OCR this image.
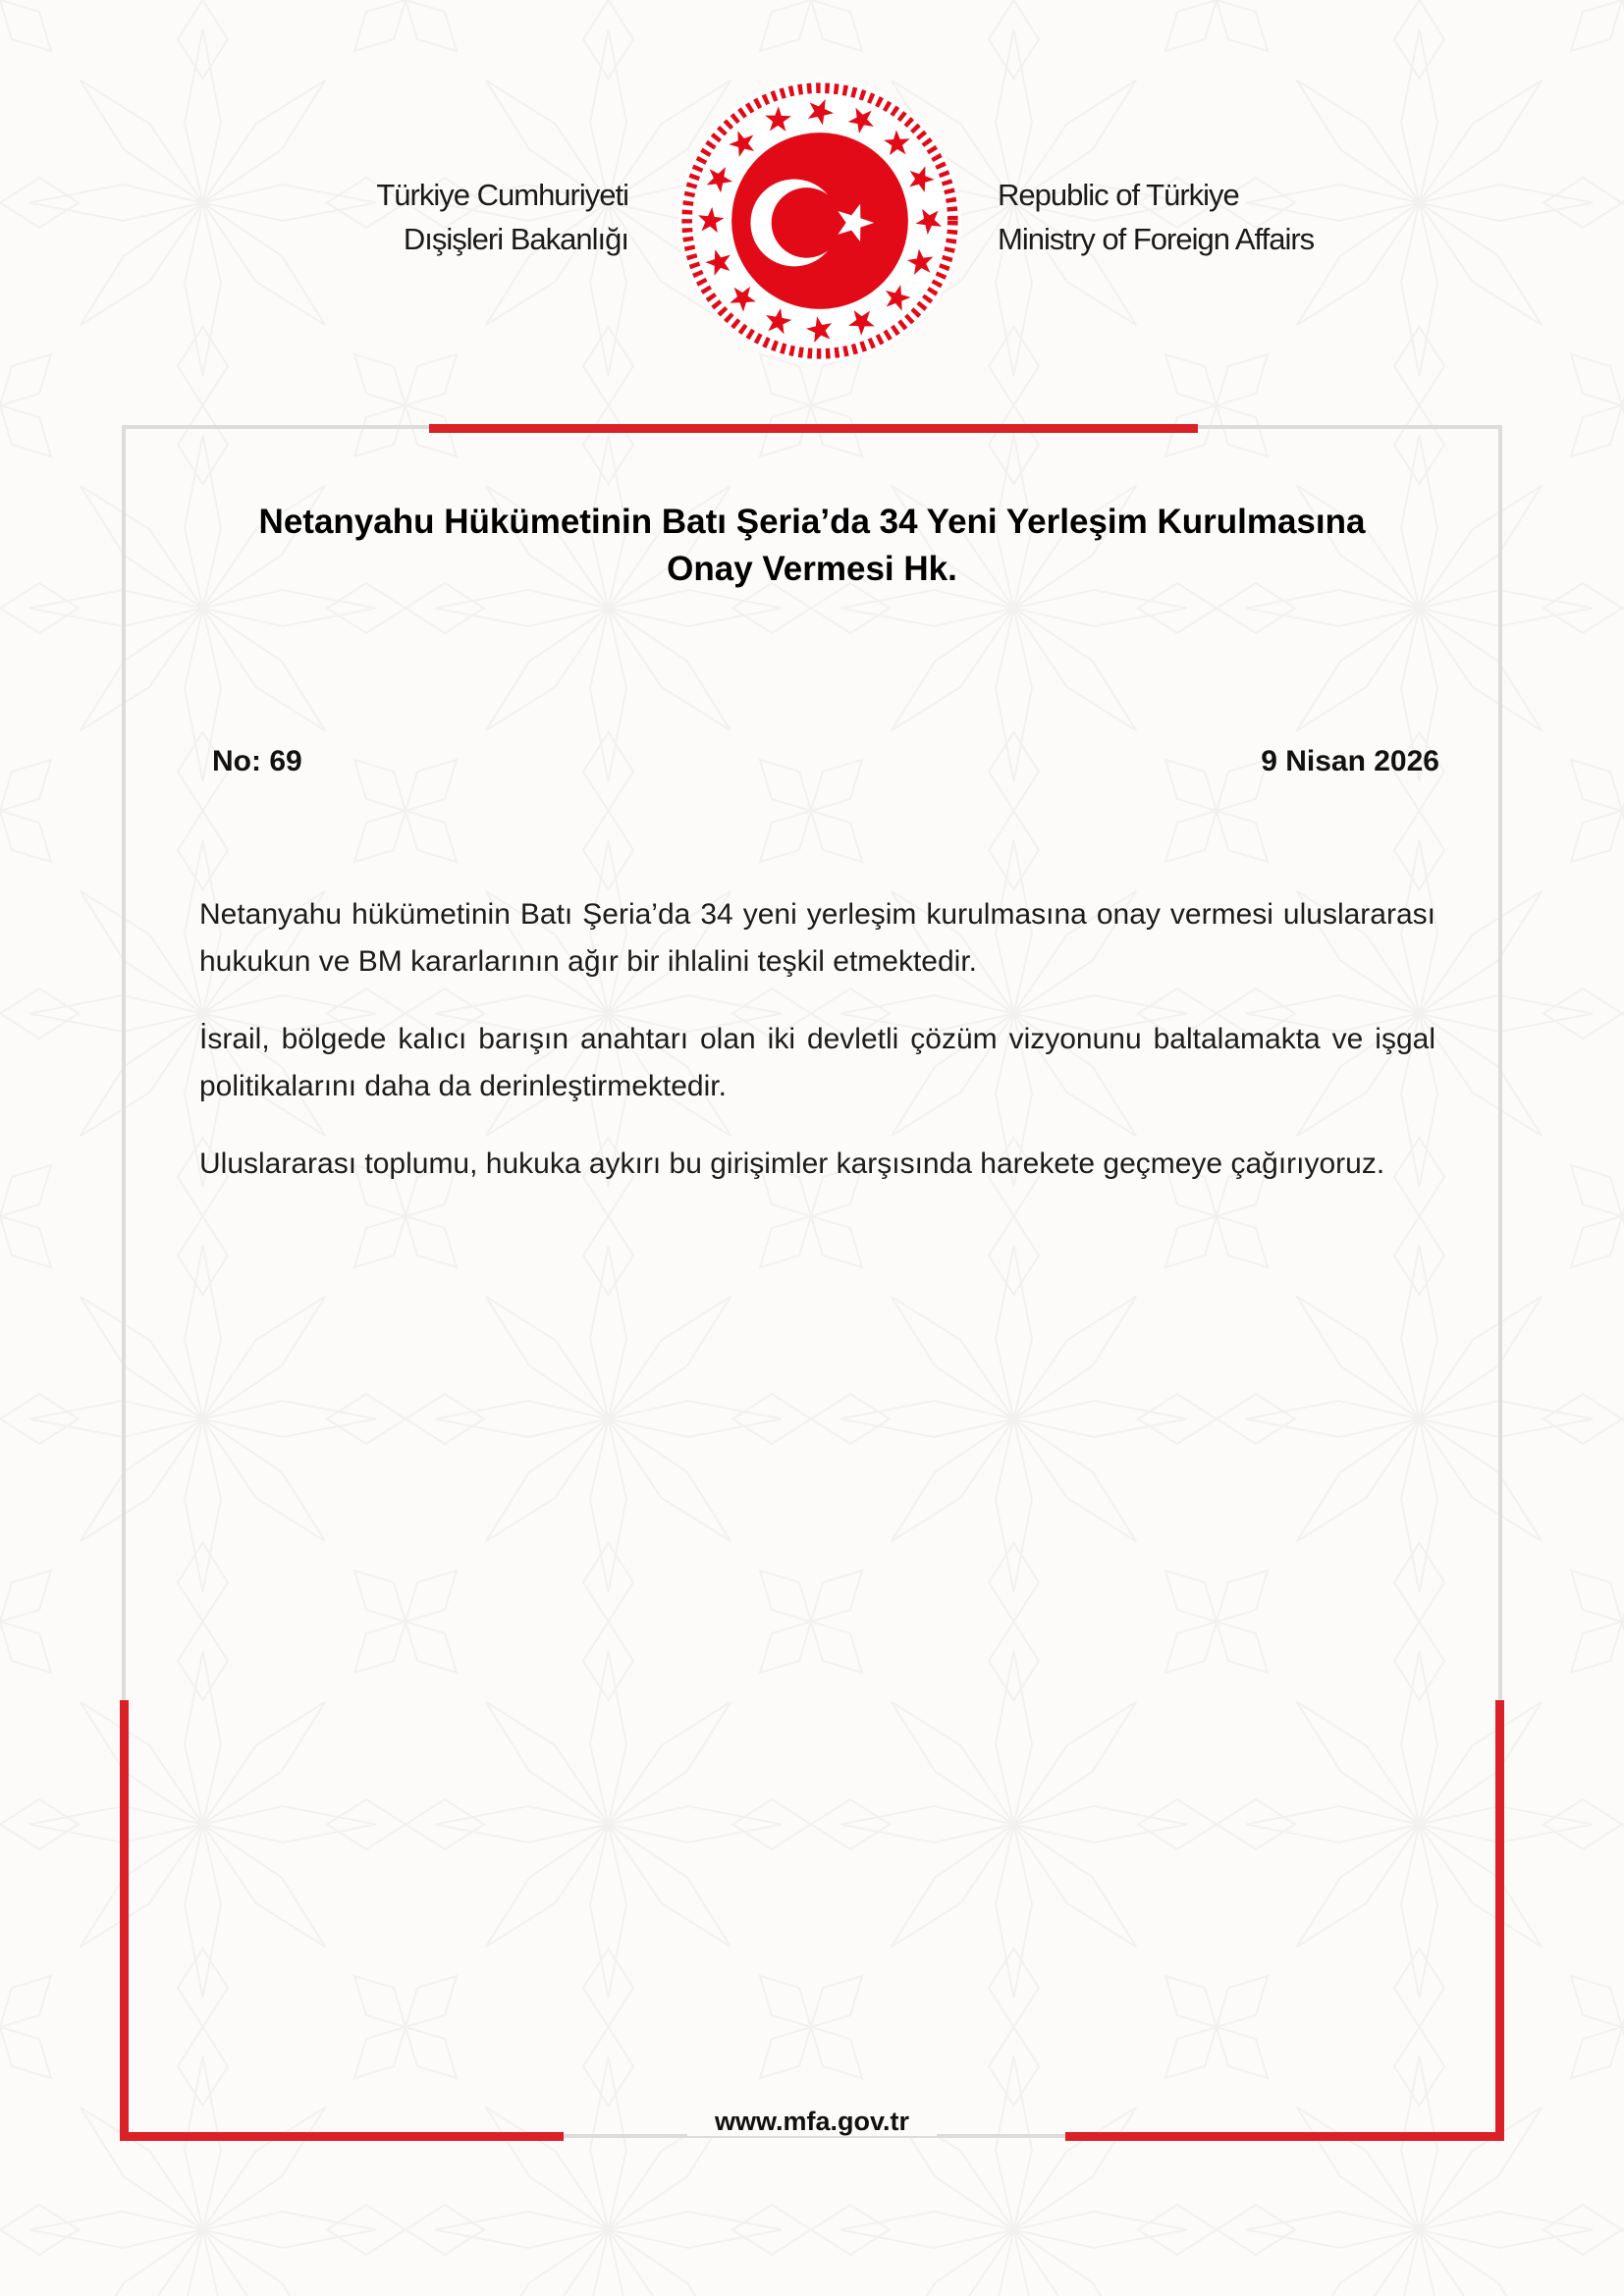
Türkiye Cumhuriyeti
Dışişleri Bakanlığı
Republic of Türkiye
Ministry of Foreign Affairs
Netanyahu Hükümetinin Batı Şeria’da 34 Yeni Yerleşim Kurulmasına
Onay Vermesi Hk.
No: 69	9 Nisan 2026

Netanyahu hükümetinin Batı Şeria’da 34 yeni yerleşim kurulmasına onay vermesi uluslararası hukukun ve BM kararlarının ağır bir ihlalini teşkil etmektedir.

İsrail, bölgede kalıcı barışın anahtarı olan iki devletli çözüm vizyonunu baltalamakta ve işgal politikalarını daha da derinleştirmektedir.

Uluslararası toplumu, hukuka aykırı bu girişimler karşısında harekete geçmeye çağırıyoruz.

www.mfa.gov.tr
